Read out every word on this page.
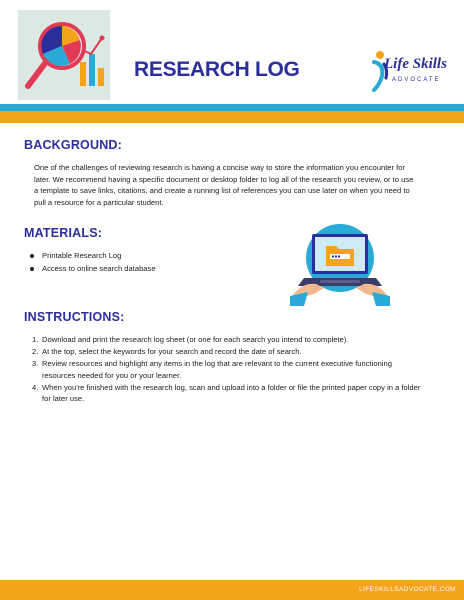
RESEARCH LOG	Life Skills
ADVOCATE
BACKGROUND:
One of the challenges of reviewing research is having a concise way to store the information you encounter for later. We recommend having a specific document or desktop folder to log all of the research you review, or to use a template to save links, citations, and create a running list of references you can use later on when you need to pull a resource for a particular student.
MATERIALS:
Printable Research Log
Access to online search database
INSTRUCTIONS:
1. Download and print the research log sheet (or one for each search you intend to complete).
2. At the top, select the keywords for your search and record the date of search.
3. Review resources and highlight any items in the log that are relevant to the current executive functioning resources needed for you or your learner.
4. When you're finished with the research log, scan and upload into a folder or file the printed paper copy in a folder for later use.
LIFESKILLSADVOCATE.COM
